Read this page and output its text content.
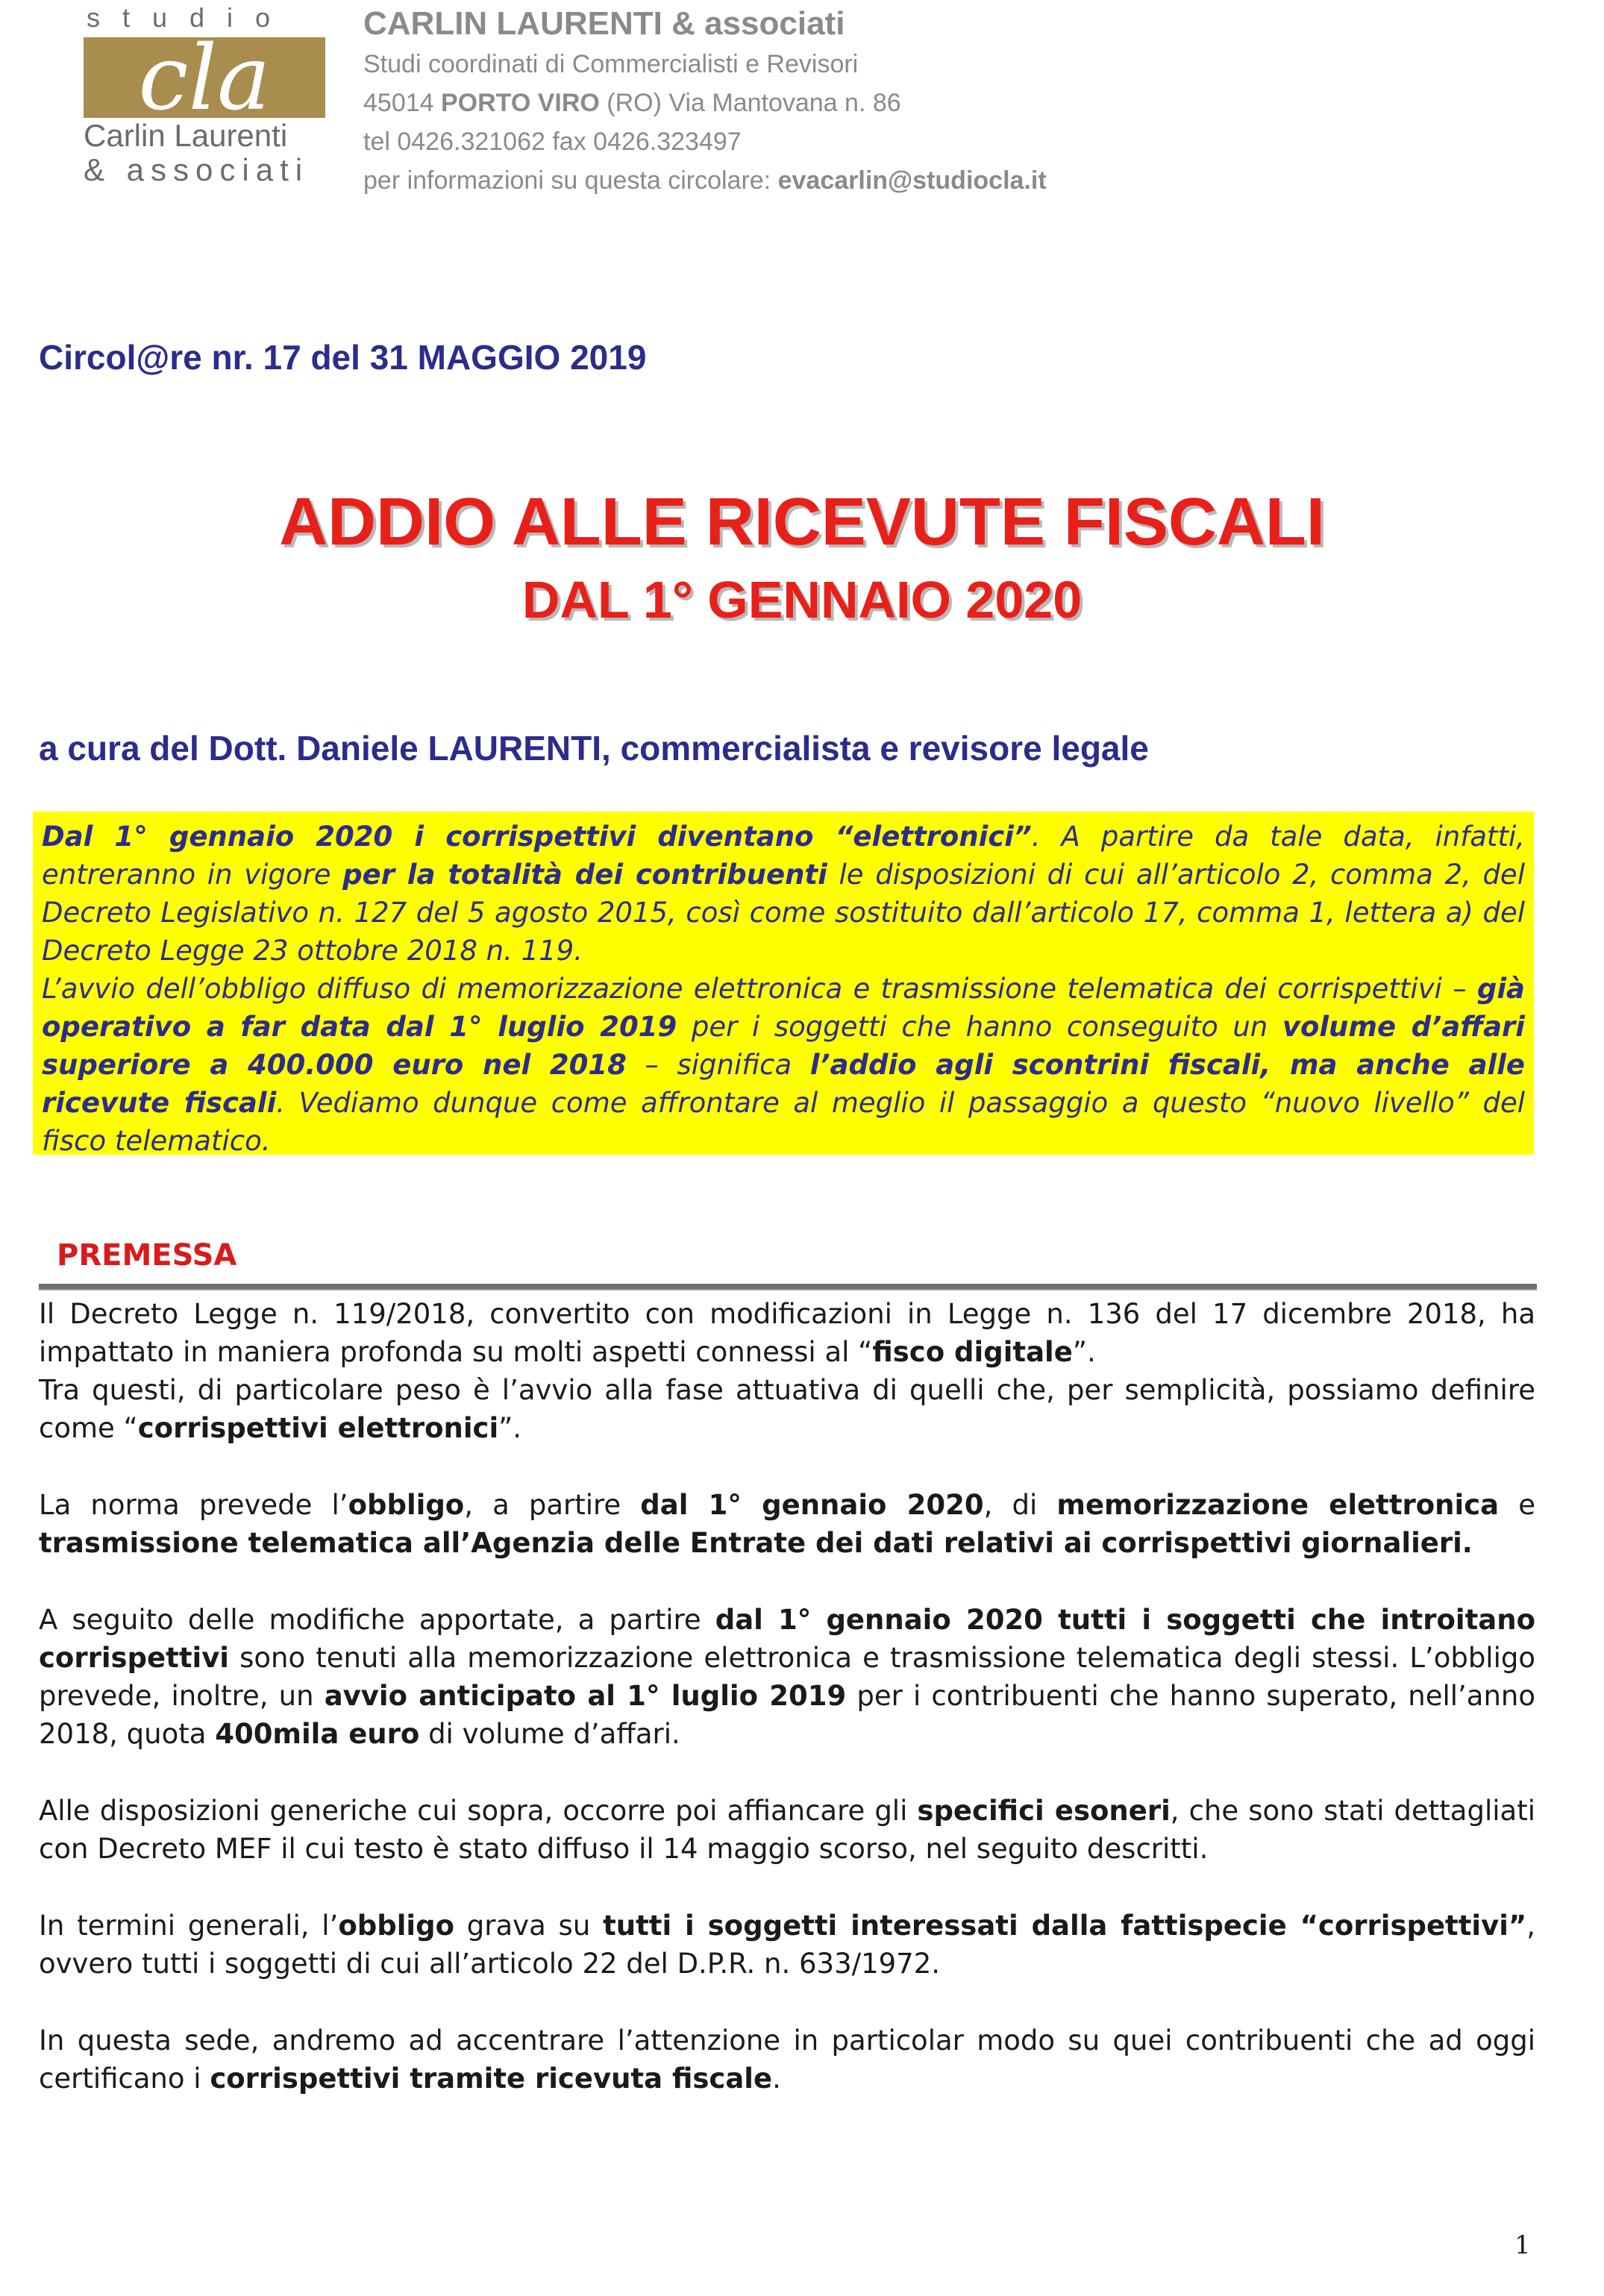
studio
cla
Carlin Laurenti
& associati
CARLIN LAURENTI & associati
Studi coordinati di Commercialisti e Revisori
45014 PORTO VIRO (RO) Via Mantovana n. 86
tel 0426.321062 fax 0426.323497
per informazioni su questa circolare: evacarlin@studiocla.it
Circol@re nr. 17 del 31 MAGGIO 2019
ADDIO ALLE RICEVUTE FISCALI
DAL 1° GENNAIO 2020
a cura del Dott. Daniele LAURENTI, commercialista e revisore legale

Dal 1° gennaio 2020 i corrispettivi diventano “elettronici”. A partire da tale data, infatti, entreranno in vigore per la totalità dei contribuenti le disposizioni di cui all’articolo 2, comma 2, del Decreto Legislativo n. 127 del 5 agosto 2015, così come sostituito dall’articolo 17, comma 1, lettera a) del Decreto Legge 23 ottobre 2018 n. 119.

L’avvio dell’obbligo diffuso di memorizzazione elettronica e trasmissione telematica dei corrispettivi – già operativo a far data dal 1° luglio 2019 per i soggetti che hanno conseguito un volume d’affari superiore a 400.000 euro nel 2018 – significa l’addio agli scontrini fiscali, ma anche alle ricevute fiscali. Vediamo dunque come affrontare al meglio il passaggio a questo “nuovo livello” del fisco telematico.

PREMESSA
Il Decreto Legge n. 119/2018, convertito con modificazioni in Legge n. 136 del 17 dicembre 2018, ha impattato in maniera profonda su molti aspetti connessi al “fisco digitale”.
Tra questi, di particolare peso è l’avvio alla fase attuativa di quelli che, per semplicità, possiamo definire come “corrispettivi elettronici”.
La norma prevede l’obbligo, a partire dal 1° gennaio 2020, di memorizzazione elettronica e trasmissione telematica all’Agenzia delle Entrate dei dati relativi ai corrispettivi giornalieri.
A seguito delle modifiche apportate, a partire dal 1° gennaio 2020 tutti i soggetti che introitano corrispettivi sono tenuti alla memorizzazione elettronica e trasmissione telematica degli stessi. L’obbligo prevede, inoltre, un avvio anticipato al 1° luglio 2019 per i contribuenti che hanno superato, nell’anno 2018, quota 400mila euro di volume d’affari.
Alle disposizioni generiche cui sopra, occorre poi affiancare gli specifici esoneri, che sono stati dettagliati con Decreto MEF il cui testo è stato diffuso il 14 maggio scorso, nel seguito descritti.
In termini generali, l’obbligo grava su tutti i soggetti interessati dalla fattispecie “corrispettivi”, ovvero tutti i soggetti di cui all’articolo 22 del D.P.R. n. 633/1972.
In questa sede, andremo ad accentrare l’attenzione in particolar modo su quei contribuenti che ad oggi certificano i corrispettivi tramite ricevuta fiscale.
1
